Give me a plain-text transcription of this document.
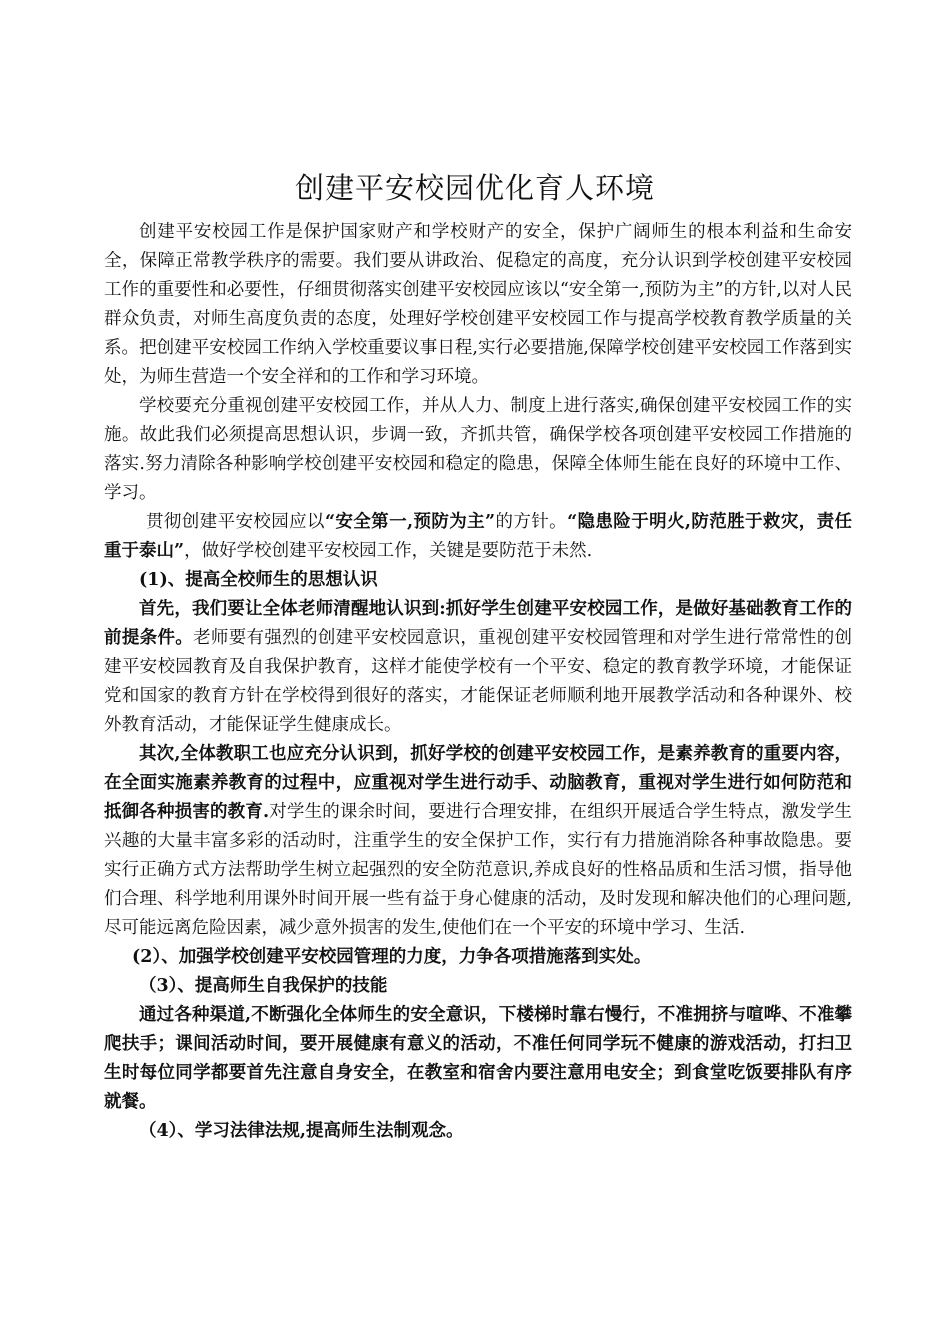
创建平安校园优化育人环境

创建平安校园工作是保护国家财产和学校财产的安全，保护广阔师生的根本利益和生命安全，保障正常教学秩序的需要。我们要从讲政治、促稳定的高度，充分认识到学校创建平安校园工作的重要性和必要性，仔细贯彻落实创建平安校园应该以“安全第一,预防为主”的方针,以对人民群众负责，对师生高度负责的态度，处理好学校创建平安校园工作与提高学校教育教学质量的关系。把创建平安校园工作纳入学校重要议事日程,实行必要措施,保障学校创建平安校园工作落到实处，为师生营造一个安全祥和的工作和学习环境。

学校要充分重视创建平安校园工作，并从人力、制度上进行落实,确保创建平安校园工作的实施。故此我们必须提高思想认识，步调一致，齐抓共管，确保学校各项创建平安校园工作措施的落实.努力清除各种影响学校创建平安校园和稳定的隐患，保障全体师生能在良好的环境中工作、学习。

贯彻创建平安校园应以“安全第一,预防为主”的方针。“隐患险于明火,防范胜于救灾，责任重于泰山”，做好学校创建平安校园工作，关键是要防范于未然.

(1)、提高全校师生的思想认识

首先，我们要让全体老师清醒地认识到:抓好学生创建平安校园工作，是做好基础教育工作的前提条件。老师要有强烈的创建平安校园意识，重视创建平安校园管理和对学生进行常常性的创建平安校园教育及自我保护教育，这样才能使学校有一个平安、稳定的教育教学环境，才能保证党和国家的教育方针在学校得到很好的落实，才能保证老师顺利地开展教学活动和各种课外、校外教育活动，才能保证学生健康成长。

其次,全体教职工也应充分认识到，抓好学校的创建平安校园工作，是素养教育的重要内容，在全面实施素养教育的过程中，应重视对学生进行动手、动脑教育，重视对学生进行如何防范和抵御各种损害的教育.对学生的课余时间，要进行合理安排，在组织开展适合学生特点，激发学生兴趣的大量丰富多彩的活动时，注重学生的安全保护工作，实行有力措施消除各种事故隐患。要实行正确方式方法帮助学生树立起强烈的安全防范意识,养成良好的性格品质和生活习惯，指导他们合理、科学地利用课外时间开展一些有益于身心健康的活动，及时发现和解决他们的心理问题,尽可能远离危险因素，减少意外损害的发生,使他们在一个平安的环境中学习、生活.

(2）、加强学校创建平安校园管理的力度，力争各项措施落到实处。

（3）、提高师生自我保护的技能

通过各种渠道,不断强化全体师生的安全意识，下楼梯时靠右慢行，不准拥挤与喧哗、不准攀爬扶手；课间活动时间，要开展健康有意义的活动，不准任何同学玩不健康的游戏活动，打扫卫生时每位同学都要首先注意自身安全，在教室和宿舍内要注意用电安全；到食堂吃饭要排队有序就餐。

（4）、学习法律法规,提高师生法制观念。
